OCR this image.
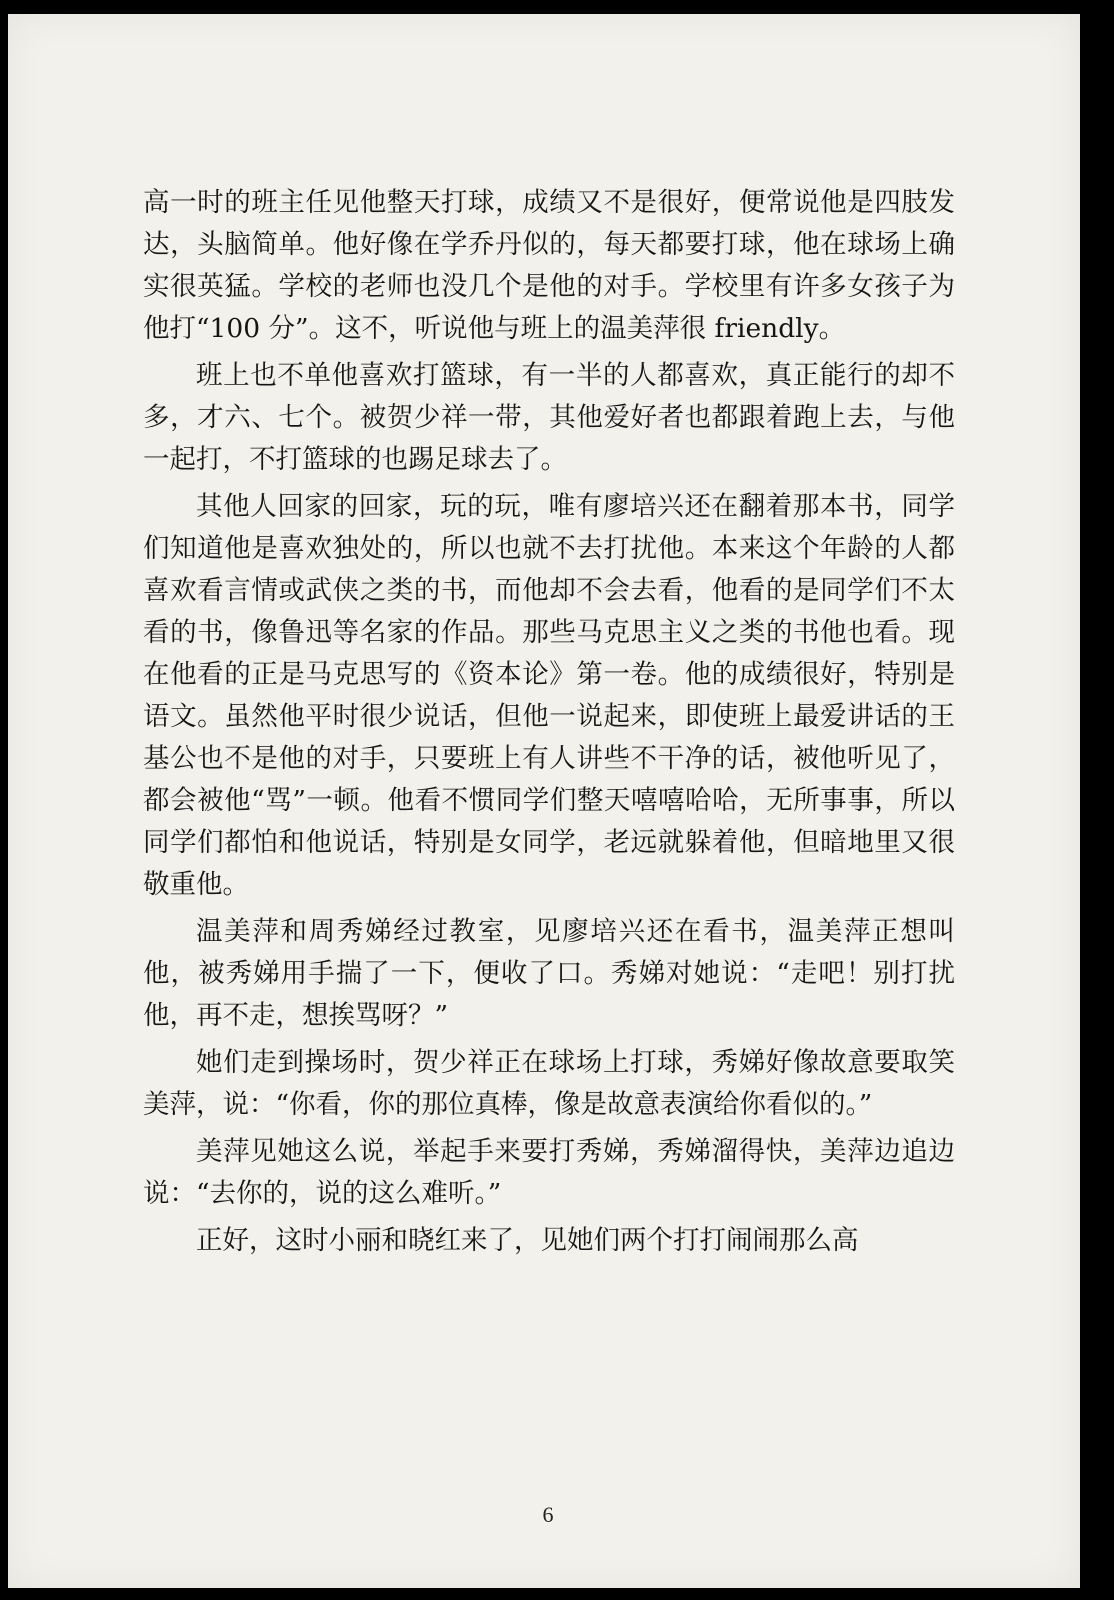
高一时的班主任见他整天打球，成绩又不是很好，便常说他是四肢发达，头脑简单。他好像在学乔丹似的，每天都要打球，他在球场上确实很英猛。学校的老师也没几个是他的对手。学校里有许多女孩子为他打“100 分”。这不，听说他与班上的温美萍很 friendly。

班上也不单他喜欢打篮球，有一半的人都喜欢，真正能行的却不多，才六、七个。被贺少祥一带，其他爱好者也都跟着跑上去，与他一起打，不打篮球的也踢足球去了。

其他人回家的回家，玩的玩，唯有廖培兴还在翻着那本书，同学们知道他是喜欢独处的，所以也就不去打扰他。本来这个年龄的人都喜欢看言情或武侠之类的书，而他却不会去看，他看的是同学们不太看的书，像鲁迅等名家的作品。那些马克思主义之类的书他也看。现在他看的正是马克思写的《资本论》第一卷。他的成绩很好，特别是语文。虽然他平时很少说话，但他一说起来，即使班上最爱讲话的王基公也不是他的对手，只要班上有人讲些不干净的话，被他听见了，都会被他“骂”一顿。他看不惯同学们整天嘻嘻哈哈，无所事事，所以同学们都怕和他说话，特别是女同学，老远就躲着他，但暗地里又很敬重他。

温美萍和周秀娣经过教室，见廖培兴还在看书，温美萍正想叫他，被秀娣用手揣了一下，便收了口。秀娣对她说：“走吧！别打扰他，再不走，想挨骂呀？”

她们走到操场时，贺少祥正在球场上打球，秀娣好像故意要取笑美萍，说：“你看，你的那位真棒，像是故意表演给你看似的。”

美萍见她这么说，举起手来要打秀娣，秀娣溜得快，美萍边追边说：“去你的，说的这么难听。”

正好，这时小丽和晓红来了，见她们两个打打闹闹那么高

6
